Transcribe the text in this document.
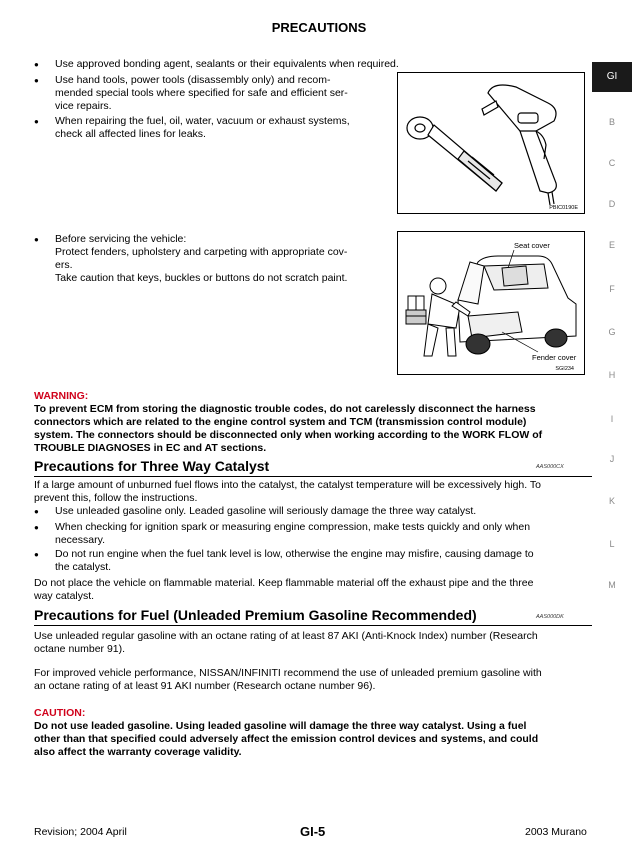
PRECAUTIONS
GI
B
C
D
E
F
G
H
I
J
K
L
M
● Use approved bonding agent, sealants or their equivalents when required.
● Use hand tools, power tools (disassembly only) and recom-
mended special tools where specified for safe and efficient ser-
vice repairs.
● When repairing the fuel, oil, water, vacuum or exhaust systems,
check all affected lines for leaks.
PBIC0190E
● Before servicing the vehicle:
Protect fenders, upholstery and carpeting with appropriate cov-
ers.
Take caution that keys, buckles or buttons do not scratch paint.
Seat cover
Fender cover
SGI234
WARNING:
To prevent ECM from storing the diagnostic trouble codes, do not carelessly disconnect the harness
connectors which are related to the engine control system and TCM (transmission control module)
system. The connectors should be disconnected only when working according to the WORK FLOW of
TROUBLE DIAGNOSES in EC and AT sections.
Precautions for Three Way Catalyst	AAS000CX
If a large amount of unburned fuel flows into the catalyst, the catalyst temperature will be excessively high. To
prevent this, follow the instructions.
● Use unleaded gasoline only. Leaded gasoline will seriously damage the three way catalyst.
● When checking for ignition spark or measuring engine compression, make tests quickly and only when
necessary.
● Do not run engine when the fuel tank level is low, otherwise the engine may misfire, causing damage to
the catalyst.
Do not place the vehicle on flammable material. Keep flammable material off the exhaust pipe and the three
way catalyst.
Precautions for Fuel (Unleaded Premium Gasoline Recommended)	AAS000DK
Use unleaded regular gasoline with an octane rating of at least 87 AKI (Anti-Knock Index) number (Research
octane number 91).
For improved vehicle performance, NISSAN/INFINITI recommend the use of unleaded premium gasoline with
an octane rating of at least 91 AKI number (Research octane number 96).
CAUTION:
Do not use leaded gasoline. Using leaded gasoline will damage the three way catalyst. Using a fuel
other than that specified could adversely affect the emission control devices and systems, and could
also affect the warranty coverage validity.
Revision; 2004 April	GI-5	2003 Murano
